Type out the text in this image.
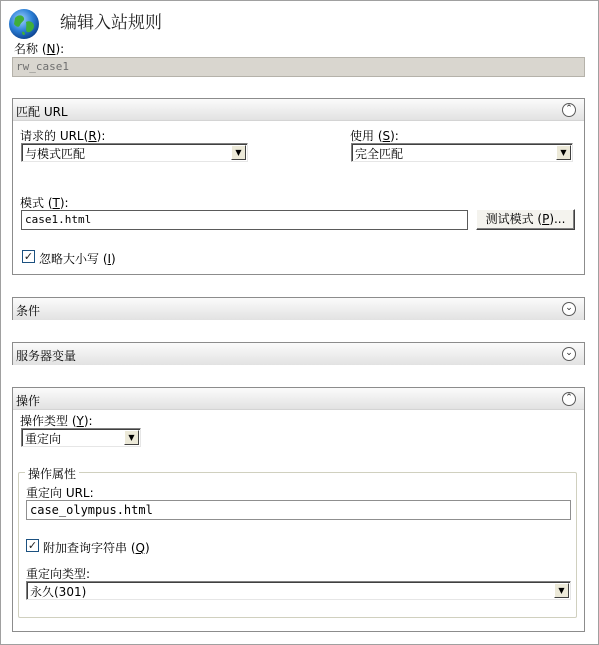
编辑入站规则
名称 (N):
rw_case1
匹配 URL	⌃
请求的 URL(R):
与模式匹配	▼
使用 (S):
完全匹配	▼
模式 (T):
case1.html	测试模式 (P)...
✓ 忽略大小写 (I)
条件	⌄
服务器变量	⌄
操作	⌃
操作类型 (Y):
重定向	▼
操作属性
重定向 URL:
case_olympus.html
✓ 附加查询字符串 (Q)
重定向类型:
永久(301)	▼
